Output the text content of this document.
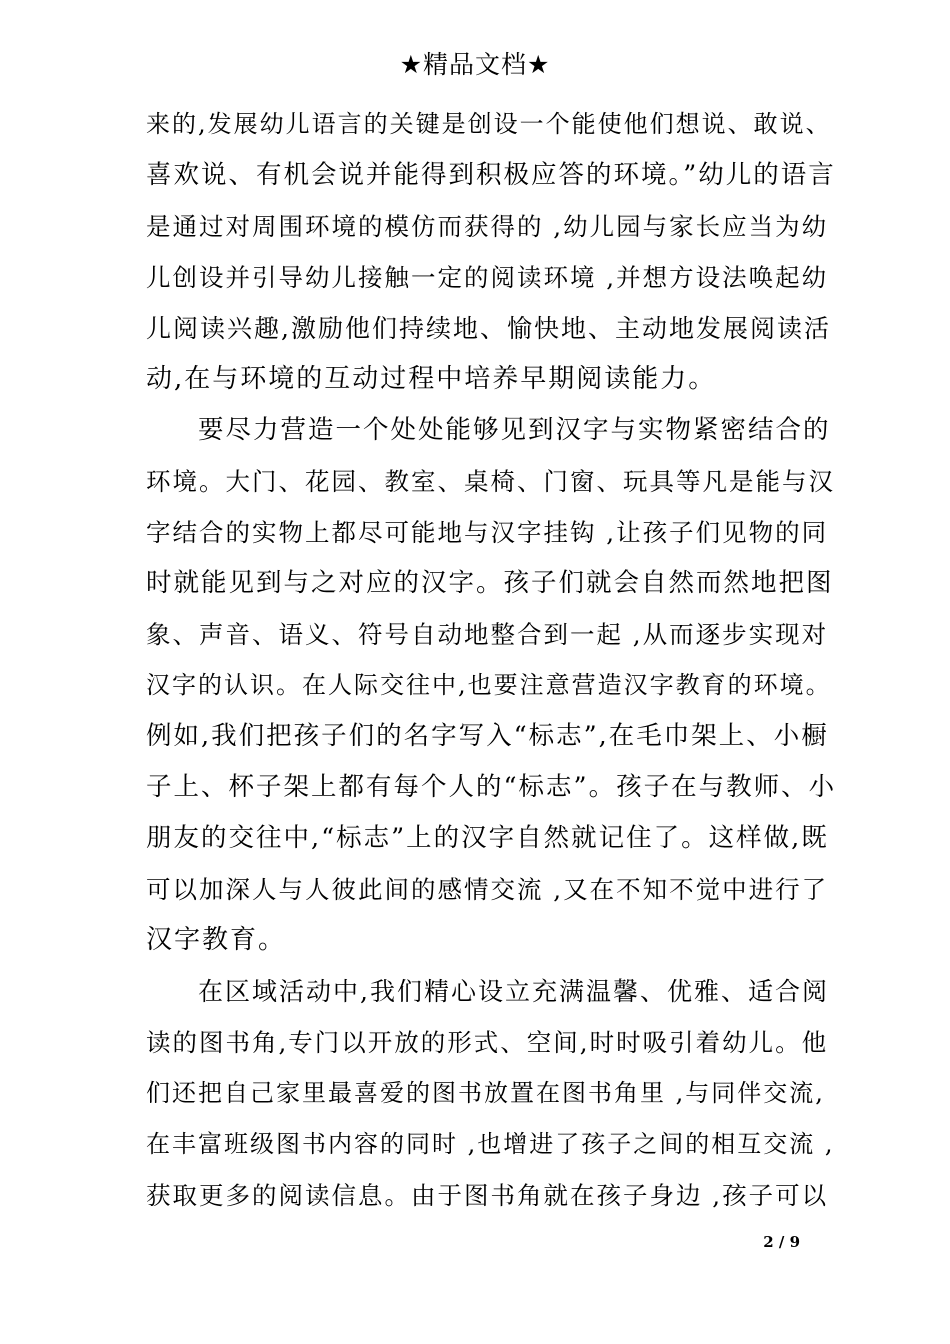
★精品文档★
来的,发展幼儿语言的关键是创设一个能使他们想说、敢说、
喜欢说、有机会说并能得到积极应答的环境。”幼儿的语言
是通过对周围环境的模仿而获得的 ,幼儿园与家长应当为幼
儿创设并引导幼儿接触一定的阅读环境 ,并想方设法唤起幼
儿阅读兴趣,激励他们持续地、愉快地、主动地发展阅读活
动,在与环境的互动过程中培养早期阅读能力。
要尽力营造一个处处能够见到汉字与实物紧密结合的
环境。大门、花园、教室、桌椅、门窗、玩具等凡是能与汉
字结合的实物上都尽可能地与汉字挂钩 ,让孩子们见物的同
时就能见到与之对应的汉字。孩子们就会自然而然地把图
象、声音、语义、符号自动地整合到一起 ,从而逐步实现对
汉字的认识。在人际交往中,也要注意营造汉字教育的环境。
例如,我们把孩子们的名字写入“标志”,在毛巾架上、小橱
子上、杯子架上都有每个人的“标志”。孩子在与教师、小
朋友的交往中,“标志”上的汉字自然就记住了。这样做,既
可以加深人与人彼此间的感情交流 ,又在不知不觉中进行了
汉字教育。
在区域活动中,我们精心设立充满温馨、优雅、适合阅
读的图书角,专门以开放的形式、空间,时时吸引着幼儿。他
们还把自己家里最喜爱的图书放置在图书角里 ,与同伴交流,
在丰富班级图书内容的同时 ,也增进了孩子之间的相互交流 ,
获取更多的阅读信息。由于图书角就在孩子身边 ,孩子可以
2 / 9
